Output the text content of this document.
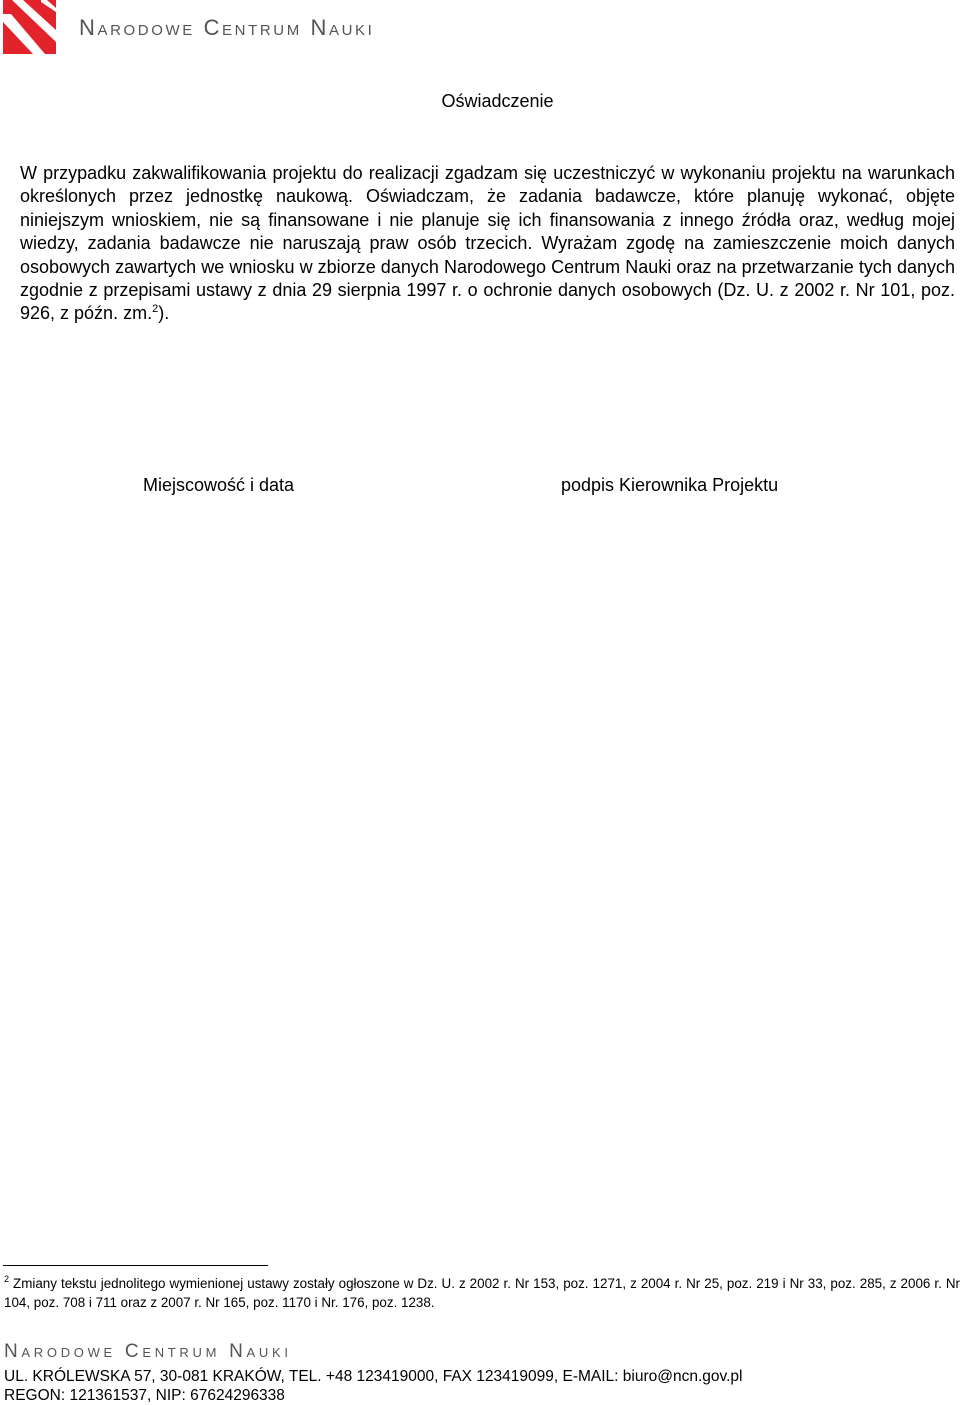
Narodowe Centrum Nauki
Oświadczenie

W przypadku zakwalifikowania projektu do realizacji zgadzam się uczestniczyć w wykonaniu projektu na warunkach określonych przez jednostkę naukową. Oświadczam, że zadania badawcze, które planuję wykonać, objęte niniejszym wnioskiem, nie są finansowane i nie planuje się ich finansowania z innego źródła oraz, według mojej wiedzy, zadania badawcze nie naruszają praw osób trzecich. Wyrażam zgodę na zamieszczenie moich danych osobowych zawartych we wniosku w zbiorze danych Narodowego Centrum Nauki oraz na przetwarzanie tych danych zgodnie z przepisami ustawy z dnia 29 sierpnia 1997 r. o ochronie danych osobowych (Dz. U. z 2002 r. Nr 101, poz. 926, z późn. zm.$^2$).

Miejscowość i data	podpis Kierownika Projektu

$^2$ Zmiany tekstu jednolitego wymienionej ustawy zostały ogłoszone w Dz. U. z 2002 r. Nr 153, poz. 1271, z 2004 r. Nr 25, poz. 219 i Nr 33, poz. 285, z 2006 r. Nr 104, poz. 708 i 711 oraz z 2007 r. Nr 165, poz. 1170 i Nr. 176, poz. 1238.

Narodowe Centrum Nauki
UL. KRÓLEWSKA 57, 30-081 KRAKÓW, TEL. +48 123419000, FAX 123419099, E-MAIL: biuro@ncn.gov.pl
REGON: 121361537, NIP: 67624296338
